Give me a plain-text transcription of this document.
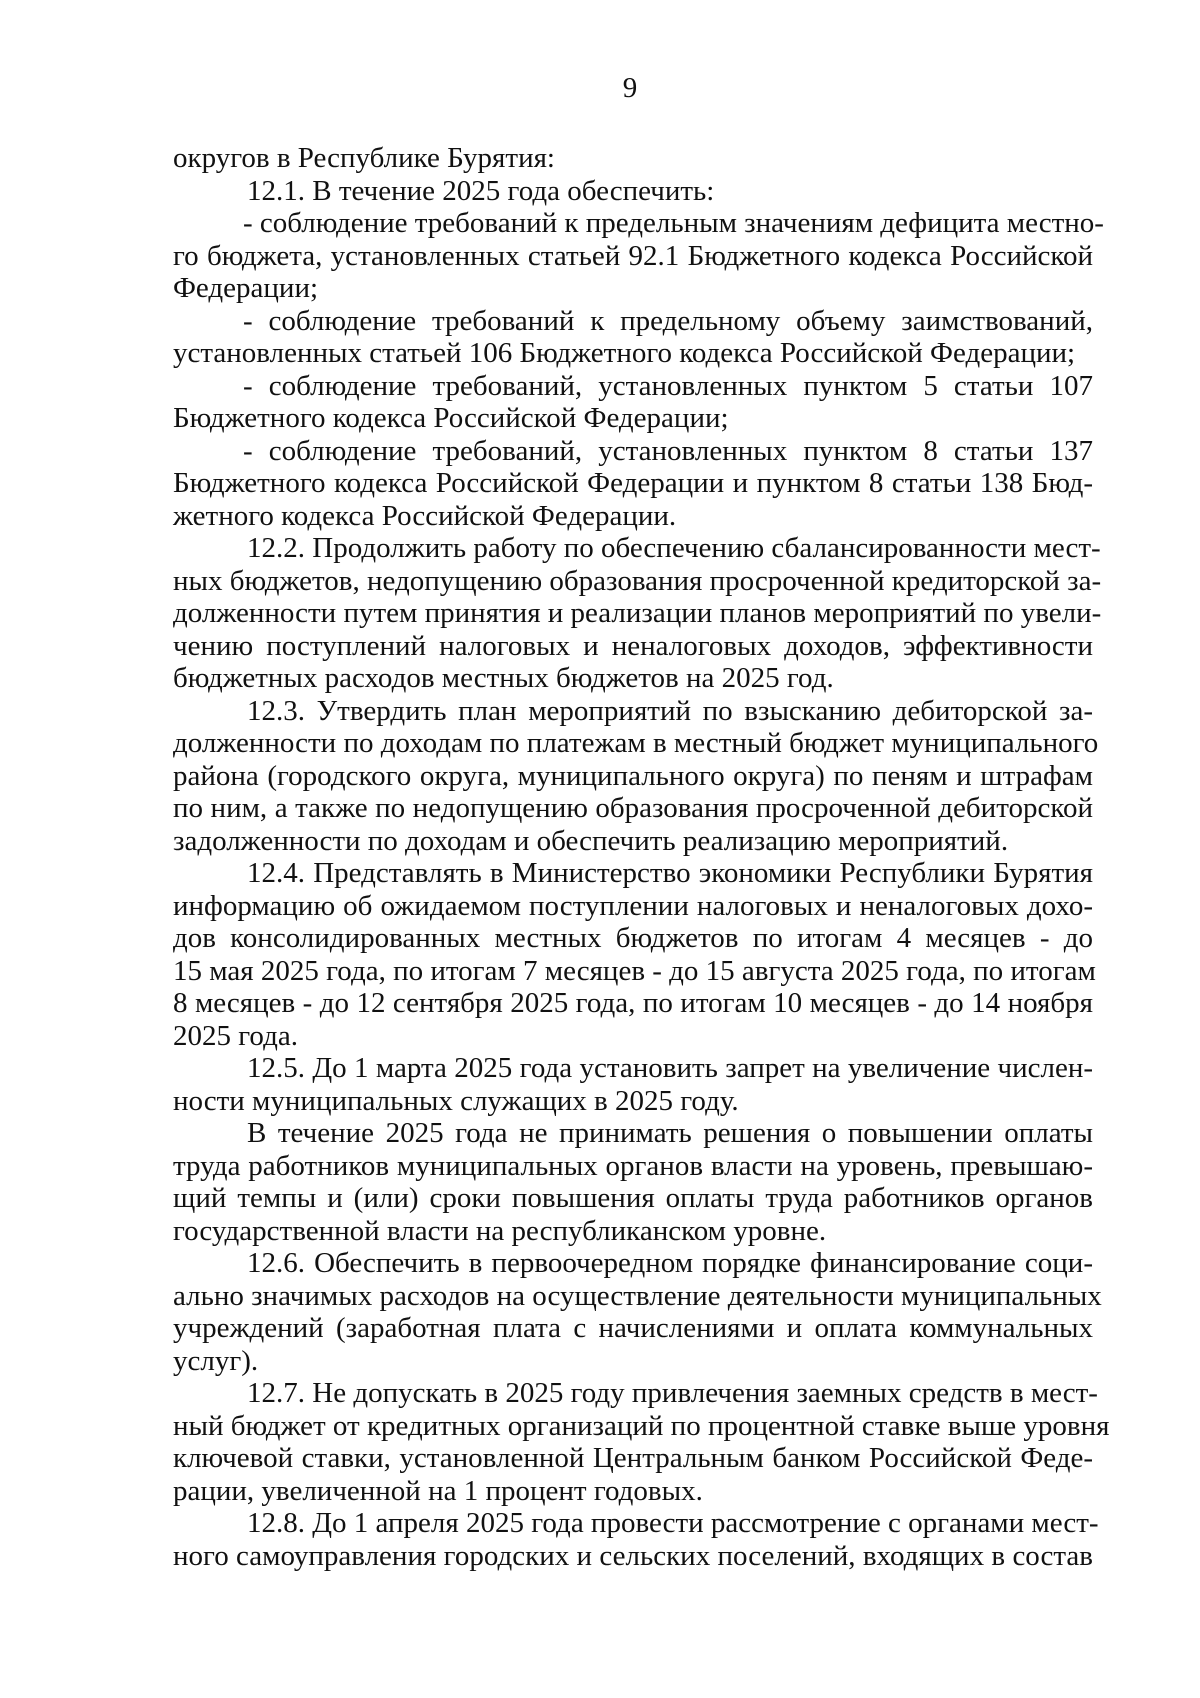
9
округов в Республике Бурятия:
12.1. В течение 2025 года обеспечить:
- соблюдение требований к предельным значениям дефицита местно-
го бюджета, установленных статьей 92.1 Бюджетного кодекса Российской
Федерации;
- соблюдение требований к предельному объему заимствований,
установленных статьей 106 Бюджетного кодекса Российской Федерации;
- соблюдение требований, установленных пунктом 5 статьи 107
Бюджетного кодекса Российской Федерации;
- соблюдение требований, установленных пунктом 8 статьи 137
Бюджетного кодекса Российской Федерации и пунктом 8 статьи 138 Бюд-
жетного кодекса Российской Федерации.
12.2. Продолжить работу по обеспечению сбалансированности мест-
ных бюджетов, недопущению образования просроченной кредиторской за-
долженности путем принятия и реализации планов мероприятий по увели-
чению поступлений налоговых и неналоговых доходов, эффективности
бюджетных расходов местных бюджетов на 2025 год.
12.3. Утвердить план мероприятий по взысканию дебиторской за-
долженности по доходам по платежам в местный бюджет муниципального
района (городского округа, муниципального округа) по пеням и штрафам
по ним, а также по недопущению образования просроченной дебиторской
задолженности по доходам и обеспечить реализацию мероприятий.
12.4. Представлять в Министерство экономики Республики Бурятия
информацию об ожидаемом поступлении налоговых и неналоговых дохо-
дов консолидированных местных бюджетов по итогам 4 месяцев - до
15 мая 2025 года, по итогам 7 месяцев - до 15 августа 2025 года, по итогам
8 месяцев - до 12 сентября 2025 года, по итогам 10 месяцев - до 14 ноября
2025 года.
12.5. До 1 марта 2025 года установить запрет на увеличение числен-
ности муниципальных служащих в 2025 году.
В течение 2025 года не принимать решения о повышении оплаты
труда работников муниципальных органов власти на уровень, превышаю-
щий темпы и (или) сроки повышения оплаты труда работников органов
государственной власти на республиканском уровне.
12.6. Обеспечить в первоочередном порядке финансирование соци-
ально значимых расходов на осуществление деятельности муниципальных
учреждений (заработная плата с начислениями и оплата коммунальных
услуг).
12.7. Не допускать в 2025 году привлечения заемных средств в мест-
ный бюджет от кредитных организаций по процентной ставке выше уровня
ключевой ставки, установленной Центральным банком Российской Феде-
рации, увеличенной на 1 процент годовых.
12.8. До 1 апреля 2025 года провести рассмотрение с органами мест-
ного самоуправления городских и сельских поселений, входящих в состав
